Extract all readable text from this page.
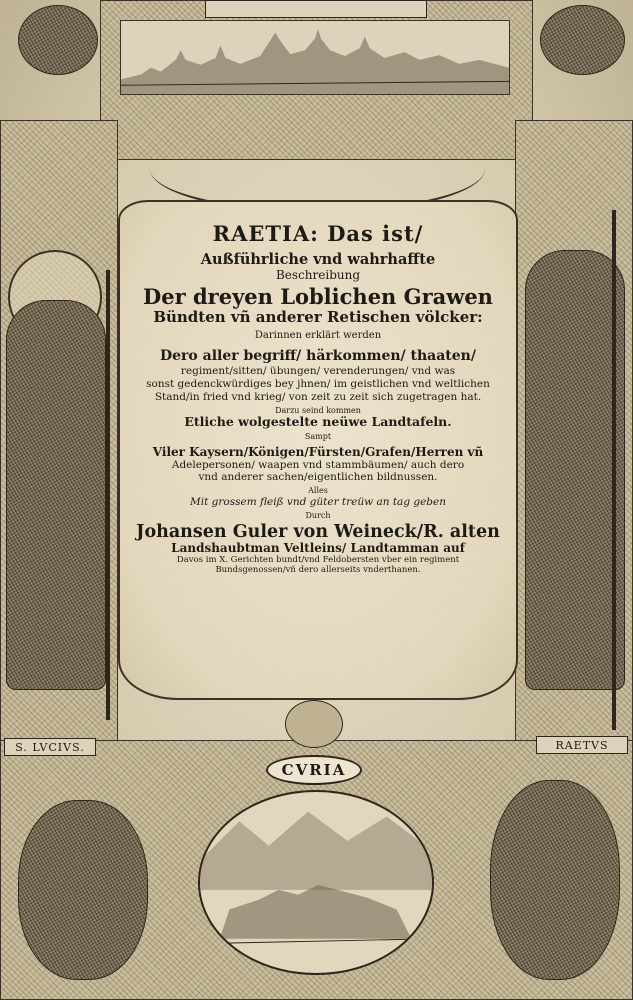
RAETIA: Das ist/

Außführliche vnd wahrhaffte

Beschreibung

Der dreyen Loblichen Grawen

Bündten vñ anderer Retischen völcker:

Darinnen erklärt werden

Dero aller begriff/ härkommen/ thaaten/

regiment/sitten/ übungen/ verenderungen/ vnd was

sonst gedenckwürdiges bey jhnen/ im geistlichen vnd weltlichen

Stand/in fried vnd krieg/ von zeit zu zeit sich zugetragen hat.

Darzu seind kommen

Etliche wolgestelte neüwe Landtafeln.

Sampt

Viler Kaysern/Königen/Fürsten/Grafen/Herren vñ

Adelepersonen/ waapen vnd stammbäumen/ auch dero

vnd anderer sachen/eigentlichen bildnussen.

Alles

Mit grossem fleiß vnd güter treüw an tag geben

Durch

Johansen Guler von Weineck/R. alten

Landshaubtman Veltleins/ Landtamman auf

Davos im X. Gerichten bundt/vnd Feldobersten vber ein regiment Bundsgenossen/vñ dero allerseits vnderthanen.

S. LVCIVS.	RAETVS
CVRIA
